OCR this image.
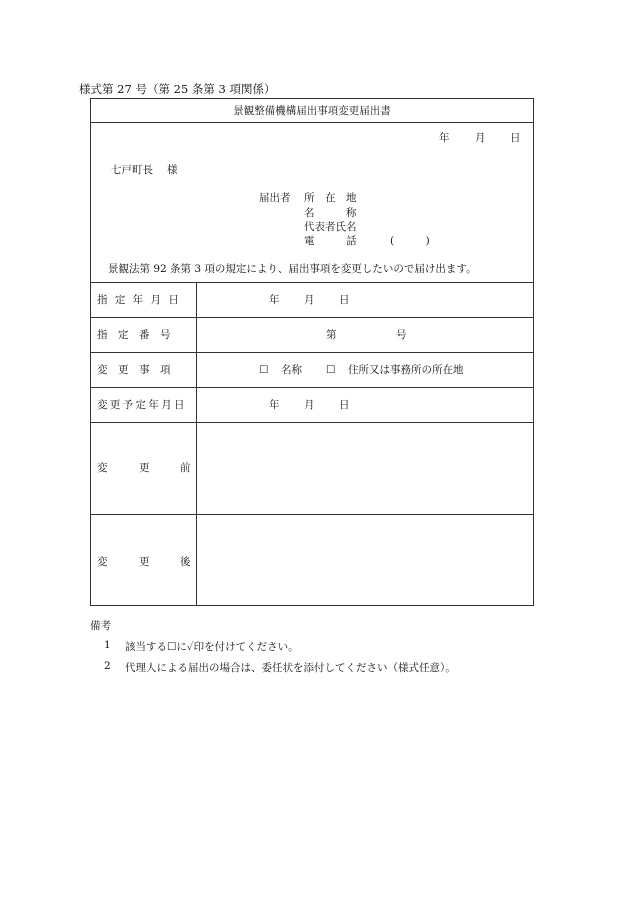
様式第 27 号（第 25 条第 3 項関係）
景観整備機構届出事項変更届出書
年 月 日
七戸町長 様
届出者 所　在　地
名　　　称
代表者氏名
電　　　話	(　　　)
景観法第 92 条第 3 項の規定により、届出事項を変更したいので届け出ます。
指 定 年 月 日	年 月 日
指　定　番　号	第	号
変　更　事　項	☐ 名称 ☐ 住所又は事務所の所在地
変 更 予 定 年 月 日	年 月 日
変	更	前
変	更	後
備考
1 該当する☐に✓印を付けてください。
2 代理人による届出の場合は、委任状を添付してください（様式任意）。
